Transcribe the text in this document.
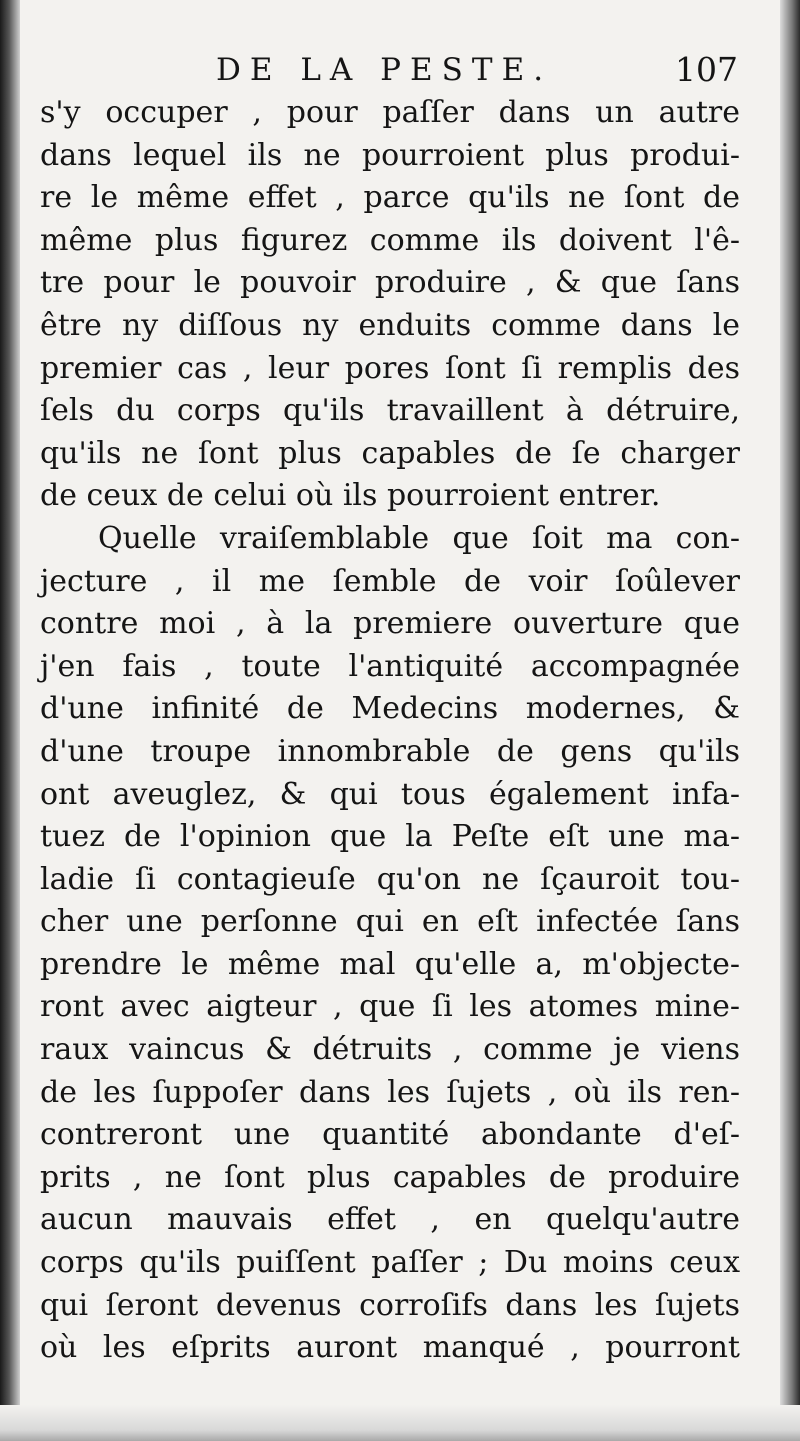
DE LA PESTE.	107
s'y occuper , pour paſſer dans un autre
dans lequel ils ne pourroient plus produi-
re le même effet , parce qu'ils ne ſont de
même plus figurez comme ils doivent l'ê-
tre pour le pouvoir produire , & que ſans
être ny diſſous ny enduits comme dans le
premier cas , leur pores ſont ſi remplis des
ſels du corps qu'ils travaillent à détruire,
qu'ils ne ſont plus capables de ſe charger
de ceux de celui où ils pourroient entrer.
Quelle vraiſemblable que ſoit ma con-
jecture , il me ſemble de voir ſoûlever
contre moi , à la premiere ouverture que
j'en fais , toute l'antiquité accompagnée
d'une infinité de Medecins modernes, &
d'une troupe innombrable de gens qu'ils
ont aveuglez, & qui tous également infa-
tuez de l'opinion que la Peſte eſt une ma-
ladie ſi contagieuſe qu'on ne ſçauroit tou-
cher une perſonne qui en eſt infectée ſans
prendre le même mal qu'elle a, m'objecte-
ront avec aigteur , que ſi les atomes mine-
raux vaincus & détruits , comme je viens
de les ſuppoſer dans les ſujets , où ils ren-
contreront une quantité abondante d'eſ-
prits , ne ſont plus capables de produire
aucun mauvais effet , en quelqu'autre
corps qu'ils puiſſent paſſer ; Du moins ceux
qui ſeront devenus corroſifs dans les ſujets
où les eſprits auront manqué , pourront
